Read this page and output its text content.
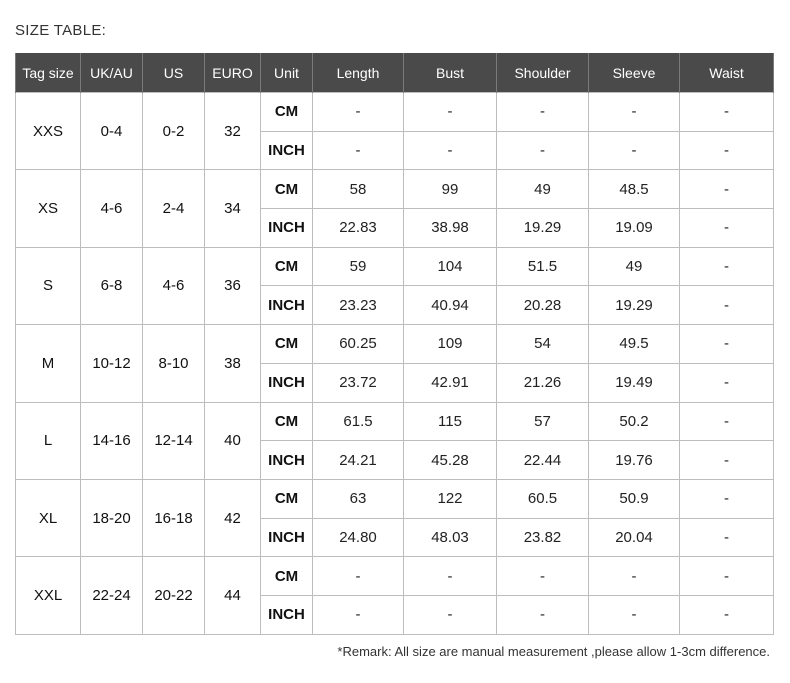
SIZE TABLE:
Tag size	UK/AU	US	EURO	Unit	Length	Bust	Shoulder	Sleeve	Waist
XXS	0-4	0-2	32	CM	-	-	-	-	-
				INCH	-	-	-	-	-
XS	4-6	2-4	34	CM	58	99	49	48.5	-
				INCH	22.83	38.98	19.29	19.09	-
S	6-8	4-6	36	CM	59	104	51.5	49	-
				INCH	23.23	40.94	20.28	19.29	-
M	10-12	8-10	38	CM	60.25	109	54	49.5	-
				INCH	23.72	42.91	21.26	19.49	-
L	14-16	12-14	40	CM	61.5	115	57	50.2	-
				INCH	24.21	45.28	22.44	19.76	-
XL	18-20	16-18	42	CM	63	122	60.5	50.9	-
				INCH	24.80	48.03	23.82	20.04	-
XXL	22-24	20-22	44	CM	-	-	-	-	-
				INCH	-	-	-	-	-
*Remark: All size are manual measurement ,please allow 1-3cm difference.
